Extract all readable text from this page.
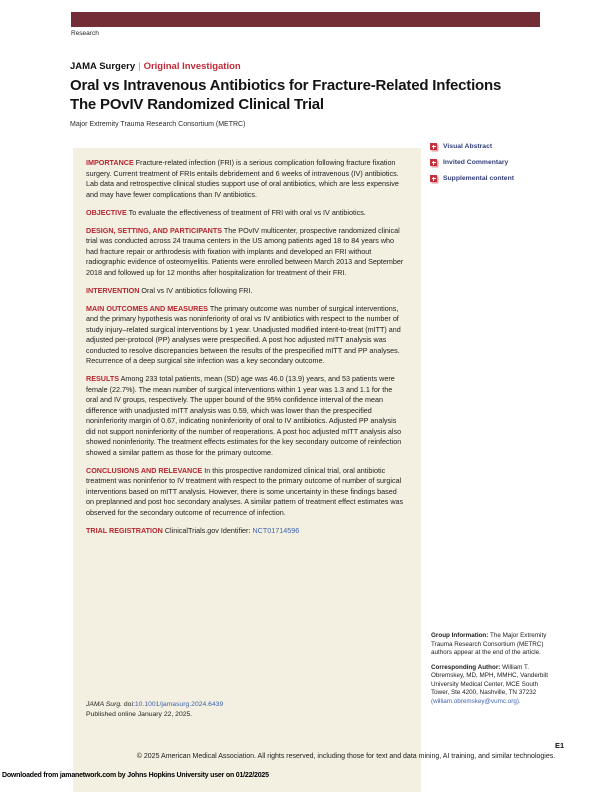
Research
JAMA Surgery | Original Investigation
Oral vs Intravenous Antibiotics for Fracture-Related Infections
The POvIV Randomized Clinical Trial
Major Extremity Trauma Research Consortium (METRC)

IMPORTANCE Fracture-related infection (FRI) is a serious complication following fracture fixation surgery. Current treatment of FRIs entails debridement and 6 weeks of intravenous (IV) antibiotics. Lab data and retrospective clinical studies support use of oral antibiotics, which are less expensive and may have fewer complications than IV antibiotics.

OBJECTIVE To evaluate the effectiveness of treatment of FRI with oral vs IV antibiotics.

DESIGN, SETTING, AND PARTICIPANTS The POvIV multicenter, prospective randomized clinical trial was conducted across 24 trauma centers in the US among patients aged 18 to 84 years who had fracture repair or arthrodesis with fixation with implants and developed an FRI without radiographic evidence of osteomyelitis. Patients were enrolled between March 2013 and September 2018 and followed up for 12 months after hospitalization for treatment of their FRI.

INTERVENTION Oral vs IV antibiotics following FRI.

MAIN OUTCOMES AND MEASURES The primary outcome was number of surgical interventions, and the primary hypothesis was noninferiority of oral vs IV antibiotics with respect to the number of study injury–related surgical interventions by 1 year. Unadjusted modified intent-to-treat (mITT) and adjusted per-protocol (PP) analyses were prespecified. A post hoc adjusted mITT analysis was conducted to resolve discrepancies between the results of the prespecified mITT and PP analyses. Recurrence of a deep surgical site infection was a key secondary outcome.

RESULTS Among 233 total patients, mean (SD) age was 46.0 (13.9) years, and 53 patients were female (22.7%). The mean number of surgical interventions within 1 year was 1.3 and 1.1 for the oral and IV groups, respectively. The upper bound of the 95% confidence interval of the mean difference with unadjusted mITT analysis was 0.59, which was lower than the prespecified noninferiority margin of 0.67, indicating noninferiority of oral to IV antibiotics. Adjusted PP analysis did not support noninferiority of the number of reoperations. A post hoc adjusted mITT analysis also showed noninferiority. The treatment effects estimates for the key secondary outcome of reinfection showed a similar pattern as those for the primary outcome.

CONCLUSIONS AND RELEVANCE In this prospective randomized clinical trial, oral antibiotic treatment was noninferior to IV treatment with respect to the primary outcome of number of surgical interventions based on mITT analysis. However, there is some uncertainty in these findings based on preplanned and post hoc secondary analyses. A similar pattern of treatment effect estimates was observed for the secondary outcome of recurrence of infection.

TRIAL REGISTRATION ClinicalTrials.gov Identifier: NCT01714596

JAMA Surg. doi:10.1001/jamasurg.2024.6439
Published online January 22, 2025.
Visual Abstract
Invited Commentary
Supplemental content
Group Information: The Major Extremity Trauma Research Consortium (METRC) authors appear at the end of the article.
Corresponding Author: William T. Obremskey, MD, MPH, MMHC, Vanderbilt University Medical Center, MCE South Tower, Ste 4200, Nashville, TN 37232 (william.obremskey@vumc.org).
E1
© 2025 American Medical Association. All rights reserved, including those for text and data mining, AI training, and similar technologies.
Downloaded from jamanetwork.com by Johns Hopkins University user on 01/22/2025
